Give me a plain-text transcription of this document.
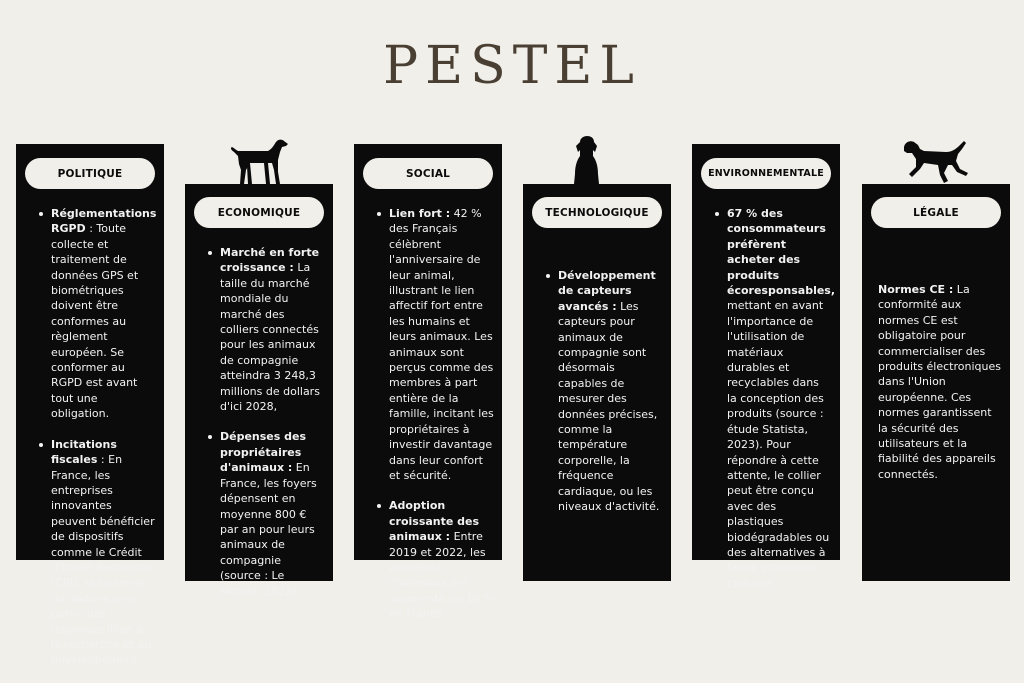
PESTEL
POLITIQUE
Réglementations RGPD : Toute collecte et traitement de données GPS et biométriques doivent être conformes au règlement européen. Se conformer au RGPD est avant tout une obligation.
Incitations fiscales : En France, les entreprises innovantes peuvent bénéficier de dispositifs comme le Crédit d'Impôt Recherche (CIR), qui permet de déduire une partie des dépenses liées à la recherche et au développement.
ECONOMIQUE
Marché en forte croissance : La taille du marché mondiale du marché des colliers connectés pour les animaux de compagnie atteindra 3 248,3 millions de dollars d'ici 2028,
Dépenses des propriétaires d'animaux : En France, les foyers dépensent en moyenne 800 € par an pour leurs animaux de compagnie (source : Le Monde, 2023).
SOCIAL
Lien fort : 42 % des Français célèbrent l'anniversaire de leur animal, illustrant le lien affectif fort entre les humains et leurs animaux. Les animaux sont perçus comme des membres à part entière de la famille, incitant les propriétaires à investir davantage dans leur confort et sécurité.
Adoption croissante des animaux : Entre 2019 et 2022, les adoptions d'animaux ont augmenté de 10 % en France.
TECHNOLOGIQUE
Développement de capteurs avancés : Les capteurs pour animaux de compagnie sont désormais capables de mesurer des données précises, comme la température corporelle, la fréquence cardiaque, ou les niveaux d'activité.
ENVIRONNEMENTALE
67 % des consommateurs préfèrent acheter des produits écoresponsables, mettant en avant l'importance de l'utilisation de matériaux durables et recyclables dans la conception des produits (source : étude Statista, 2023). Pour répondre à cette attente, le collier peut être conçu avec des plastiques biodégradables ou des alternatives à faible empreinte carbone.
LÉGALE
Normes CE : La conformité aux normes CE est obligatoire pour commercialiser des produits électroniques dans l'Union européenne. Ces normes garantissent la sécurité des utilisateurs et la fiabilité des appareils connectés.
